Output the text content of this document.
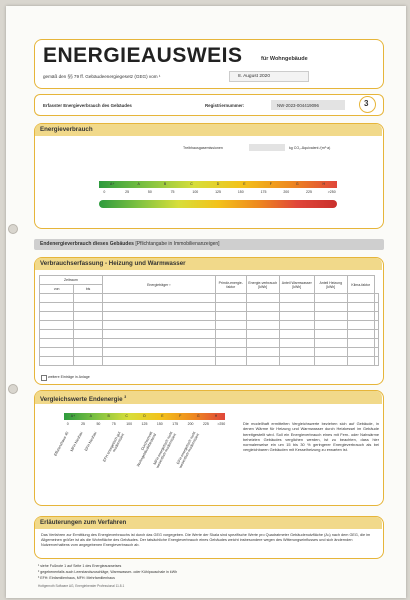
ENERGIEAUSWEIS	für Wohngebäude
gemäß den §§ 79 ff. Gebäudeenergiegesetz (GEG) vom ¹	8. August 2020
Erfasster Energieverbrauch des Gebäudes	Registriernummer:	NW-2023-004419096	3
Energieverbrauch
Treibhausgasemissionen	kg CO₂-Äquivalent /(m²·a)
A+	A	B	C	D	E	F	G	H
0	25	50	75	100	125	150	175	200	225	>250
Endenergieverbrauch dieses Gebäudes [Pflichtangabe in Immobilienanzeigen]
Verbrauchserfassung - Heizung und Warmwasser
Zeitraum		Energieträger ³	Primär-energie-faktor	Energie-verbrauch [kWh]	Anteil Warmwasser [kWh]	Anteil Heizung [kWh]	Klima-faktor	
von	bis							

weitere Einträge in Anlage
Vergleichswerte Endenergie $^3$
A+	A	B	C	D	E	F	G	H
0	25	50	75	100	125	150	175	200	225	>250
Effizienzhaus 40 MFH Neubau EFH Neubau	EFH energetisch gut modernisiert	Durchschnitt Wohngebäudebestand
MFH energetisch nicht wesentlich modernisiert
EFH energetisch nicht wesentlich modernisiert
Die modellhaft ermittelten Vergleichswerte beziehen sich auf Gebäude, in denen Wärme für Heizung und Warmwasser durch Heizkessel im Gebäude bereitgestellt wird. Soll ein Energieverbrauch eines mit Fern- oder Nahwärme beheizten Gebäudes verglichen werden, ist zu beachten, dass hier normalerweise ein um 15 bis 30 % geringerer Energieverbrauch als bei vergleichbaren Gebäuden mit Kesselheizung zu erwarten ist.
Erläuterungen zum Verfahren
Das Verfahren zur Ermittlung des Energieverbrauchs ist durch das GEG vorgegeben. Die Werte der Skala sind spezifische Werte pro Quadratmeter Gebäudenutzfläche (Aₙ) nach dem GEG, die im Allgemeinen größer ist als die Wohnfläche des Gebäudes. Der tatsächliche Energieverbrauch eines Gebäudes weicht insbesondere wegen des Witterungseinflusses und sich ändernden Nutzerverhaltens vom angegebenen Energieverbrauch ab.
¹ siehe Fußnote 1 auf Seite 1 des Energieausweises
² gegebenenfalls auch Leerstandszuschläge, Warmwasser- oder Kühlpauschale in kWh
³ EFH: Einfamilienhaus, MFH: Mehrfamilienhaus
Hottgenroth Software AG, Energieberater Professional 11.8.1
